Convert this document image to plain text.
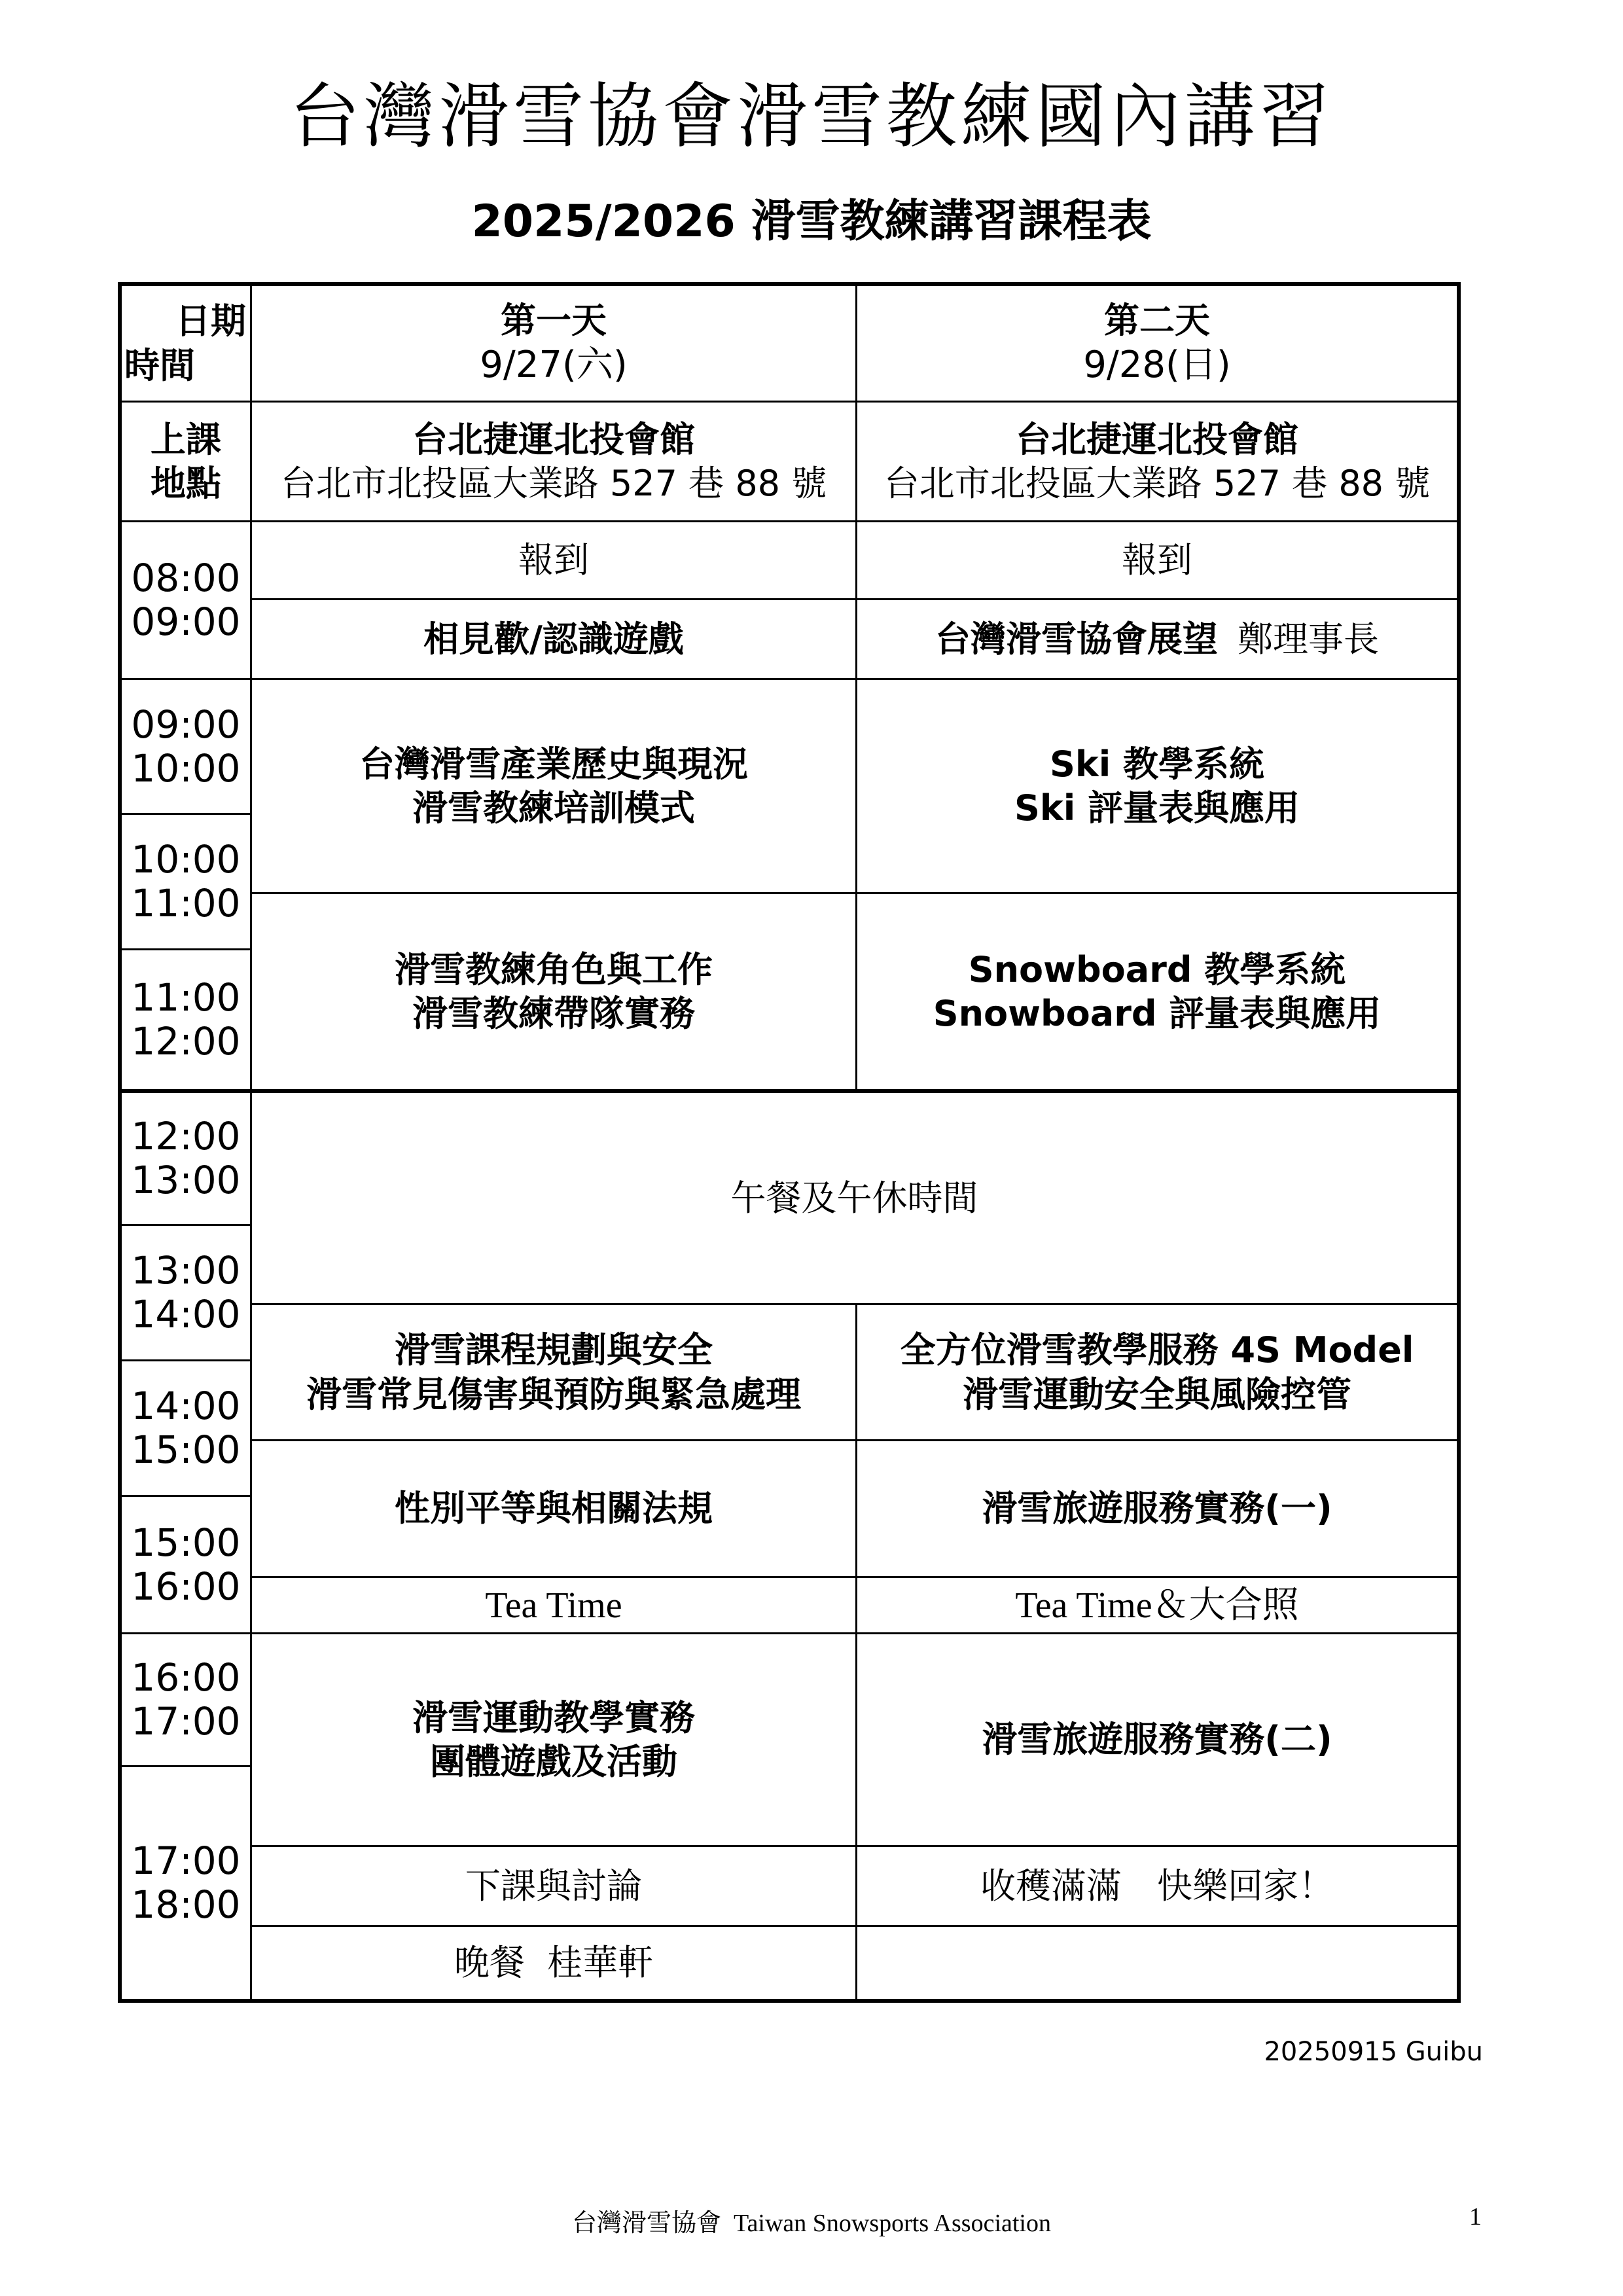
台灣滑雪協會滑雪教練國內講習
2025/2026 滑雪教練講習課程表
日期
時間
第一天
9/27(六)
第二天
9/28(日)
上課
地點
台北捷運北投會館
台北市北投區大業路 527 巷 88 號
台北捷運北投會館
台北市北投區大業路 527 巷 88 號
08:00
09:00
09:00
10:00
10:00
11:00
11:00
12:00
12:00
13:00
13:00
14:00
14:00
15:00
15:00
16:00
16:00
17:00
17:00
18:00
報到
相見歡/認識遊戲
台灣滑雪產業歷史與現況
滑雪教練培訓模式
滑雪教練角色與工作
滑雪教練帶隊實務
滑雪課程規劃與安全
滑雪常見傷害與預防與緊急處理
性別平等與相關法規
Tea Time
滑雪運動教學實務
團體遊戲及活動
下課與討論
晚餐  桂華軒
午餐及午休時間
報到
台灣滑雪協會展望 鄭理事長
Ski 教學系統
Ski 評量表與應用
Snowboard 教學系統
Snowboard 評量表與應用
全方位滑雪教學服務 4S Model
滑雪運動安全與風險控管
滑雪旅遊服務實務(一)
Tea Time＆大合照
滑雪旅遊服務實務(二)
收穫滿滿　快樂回家！
20250915 Guibu
台灣滑雪協會  Taiwan Snowsports Association	1
